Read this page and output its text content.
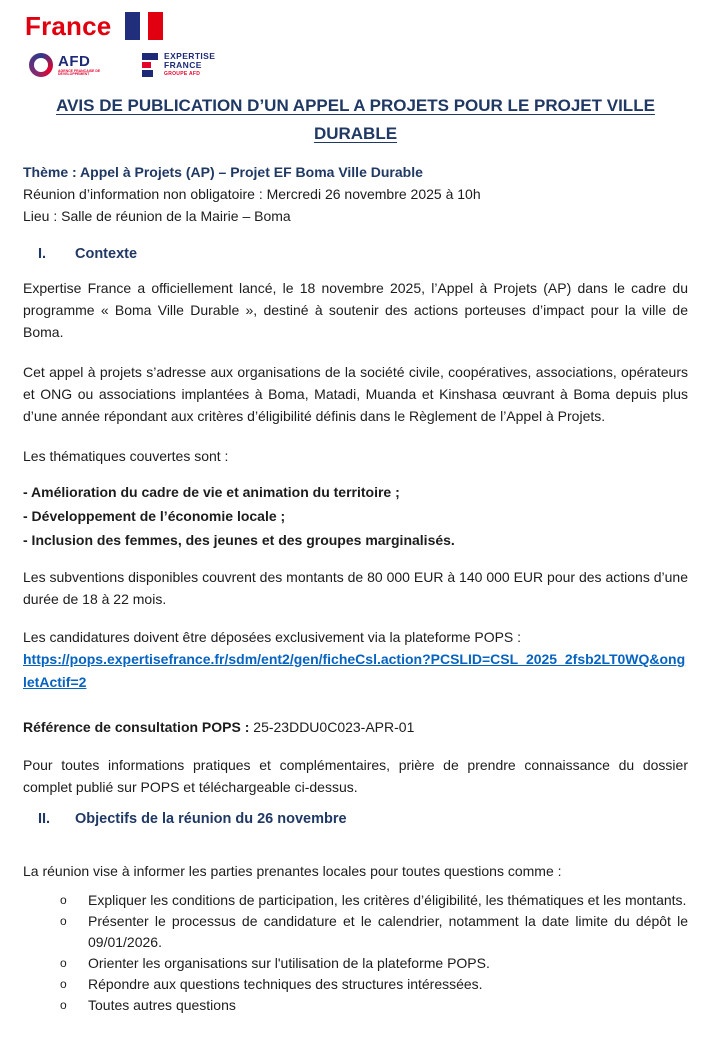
France
AFD
AGENCE FRANÇAISE DE DÉVELOPPEMENT
EXPERTISE
FRANCE
GROUPE AFD
AVIS DE PUBLICATION D’UN APPEL A PROJETS POUR LE PROJET VILLE DURABLE

Thème : Appel à Projets (AP) – Projet EF Boma Ville Durable

Réunion d’information non obligatoire : Mercredi 26 novembre 2025 à 10h

Lieu : Salle de réunion de la Mairie – Boma

I.	Contexte

Expertise France a officiellement lancé, le 18 novembre 2025, l’Appel à Projets (AP) dans le cadre du programme « Boma Ville Durable », destiné à soutenir des actions porteuses d’impact pour la ville de Boma.

Cet appel à projets s’adresse aux organisations de la société civile, coopératives, associations, opérateurs et ONG ou associations implantées à Boma, Matadi, Muanda et Kinshasa œuvrant à Boma depuis plus d’une année répondant aux critères d’éligibilité définis dans le Règlement de l’Appel à Projets.

Les thématiques couvertes sont :

- Amélioration du cadre de vie et animation du territoire ;

- Développement de l’économie locale ;

- Inclusion des femmes, des jeunes et des groupes marginalisés.

Les subventions disponibles couvrent des montants de 80 000 EUR à 140 000 EUR pour des actions d’une durée de 18 à 22 mois.

Les candidatures doivent être déposées exclusivement via la plateforme POPS :

https://pops.expertisefrance.fr/sdm/ent2/gen/ficheCsl.action?PCSLID=CSL_2025_2fsb2LT0WQ&ongletActif=2

Référence de consultation POPS : 25-23DDU0C023-APR-01

Pour toutes informations pratiques et complémentaires, prière de prendre connaissance du dossier complet publié sur POPS et téléchargeable ci-dessus.

II.	Objectifs de la réunion du 26 novembre

La réunion vise à informer les parties prenantes locales pour toutes questions comme :

o	Expliquer les conditions de participation, les critères d’éligibilité, les thématiques et les montants.
o	Présenter le processus de candidature et le calendrier, notamment la date limite du dépôt le 09/01/2026.
o	Orienter les organisations sur l'utilisation de la plateforme POPS.
o	Répondre aux questions techniques des structures intéressées.
o	Toutes autres questions
